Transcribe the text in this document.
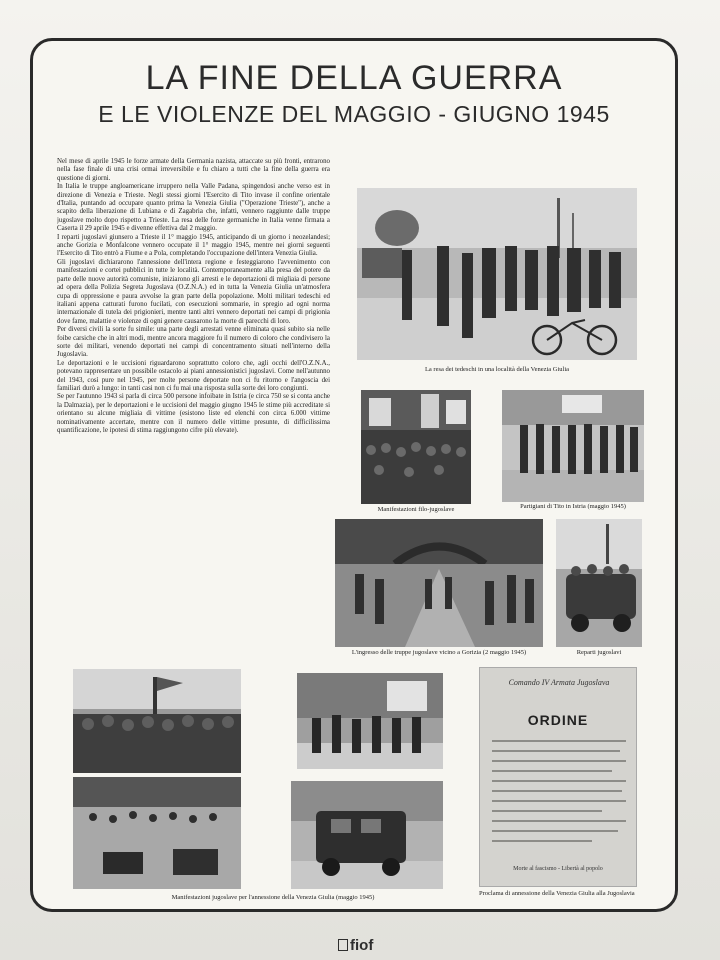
LA FINE DELLA GUERRA
E LE VIOLENZE DEL MAGGIO - GIUGNO 1945

Nel mese di aprile 1945 le forze armate della Germania nazista, attaccate su più fronti, entrarono nella fase finale di una crisi ormai irreversibile e fu chiaro a tutti che la fine della guerra era questione di giorni.

In Italia le truppe angloamericane irruppero nella Valle Padana, spingendosi anche verso est in direzione di Venezia e Trieste. Negli stessi giorni l'Esercito di Tito invase il confine orientale d'Italia, puntando ad occupare quanto prima la Venezia Giulia ("Operazione Trieste"), anche a scapito della liberazione di Lubiana e di Zagabria che, infatti, vennero raggiunte dalle truppe jugoslave molto dopo rispetto a Trieste. La resa delle forze germaniche in Italia venne firmata a Caserta il 29 aprile 1945 e divenne effettiva dal 2 maggio.

I reparti jugoslavi giunsero a Trieste il 1° maggio 1945, anticipando di un giorno i neozelandesi; anche Gorizia e Monfalcone vennero occupate il 1° maggio 1945, mentre nei giorni seguenti l'Esercito di Tito entrò a Fiume e a Pola, completando l'occupazione dell'intera Venezia Giulia.

Gli jugoslavi dichiararono l'annessione dell'intera regione e festeggiarono l'avvenimento con manifestazioni e cortei pubblici in tutte le località. Contemporaneamente alla presa del potere da parte delle nuove autorità comuniste, iniziarono gli arresti e le deportazioni di migliaia di persone ad opera della Polizia Segreta Jugoslava (O.Z.N.A.) ed in tutta la Venezia Giulia un'atmosfera cupa di oppressione e paura avvolse la gran parte della popolazione. Molti militari tedeschi ed italiani appena catturati furono fucilati, con esecuzioni sommarie, in spregio ad ogni norma internazionale di tutela dei prigionieri, mentre tanti altri vennero deportati nei campi di prigionia dove fame, malattie e violenze di ogni genere causarono la morte di parecchi di loro.

Per diversi civili la sorte fu simile: una parte degli arrestati venne eliminata quasi subito sia nelle foibe carsiche che in altri modi, mentre ancora maggiore fu il numero di coloro che condivisero la sorte dei militari, venendo deportati nei campi di concentramento situati nell'interno della Jugoslavia.

Le deportazioni e le uccisioni riguardarono soprattutto coloro che, agli occhi dell'O.Z.N.A., potevano rappresentare un possibile ostacolo ai piani annessionistici jugoslavi. Come nell'autunno del 1943, così pure nel 1945, per molte persone deportate non ci fu ritorno e l'angoscia dei familiari durò a lungo: in tanti casi non ci fu mai una risposta sulla sorte dei loro congiunti.

Se per l'autunno 1943 si parla di circa 500 persone infoibate in Istria (e circa 750 se si conta anche la Dalmazia), per le deportazioni e le uccisioni del maggio giugno 1945 le stime più accreditate si orientano su alcune migliaia di vittime (esistono liste ed elenchi con circa 6.000 vittime nominativamente accertate, mentre con il numero delle vittime presunte, di difficilissima quantificazione, le ipotesi di stima raggiungono cifre più elevate).

La resa dei tedeschi in una località della Venezia Giulia
Manifestazioni filo-jugoslave	Partigiani di Tito in Istria (maggio 1945)
L'ingresso delle truppe jugoslave vicino a Gorizia (2 maggio 1945)	Reparti jugoslavi
Manifestazioni jugoslave per l'annessione della Venezia Giulia (maggio 1945)
Comando IV Armata Jugoslava
ORDINE
Morte al fascismo - Libertà al popolo
Proclama di annessione della Venezia Giulia alla Jugoslavia
fiof
